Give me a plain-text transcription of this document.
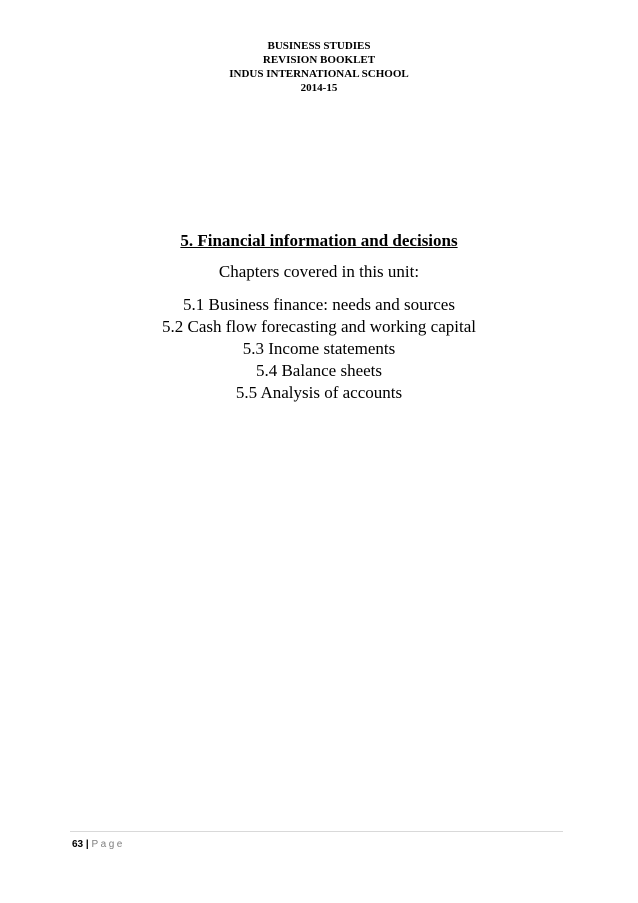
BUSINESS STUDIES
REVISION BOOKLET
INDUS INTERNATIONAL SCHOOL
2014-15
5. Financial information and decisions
Chapters covered in this unit:
5.1 Business finance: needs and sources
5.2 Cash flow forecasting and working capital
5.3 Income statements
5.4 Balance sheets
5.5 Analysis of accounts
63 | Page
